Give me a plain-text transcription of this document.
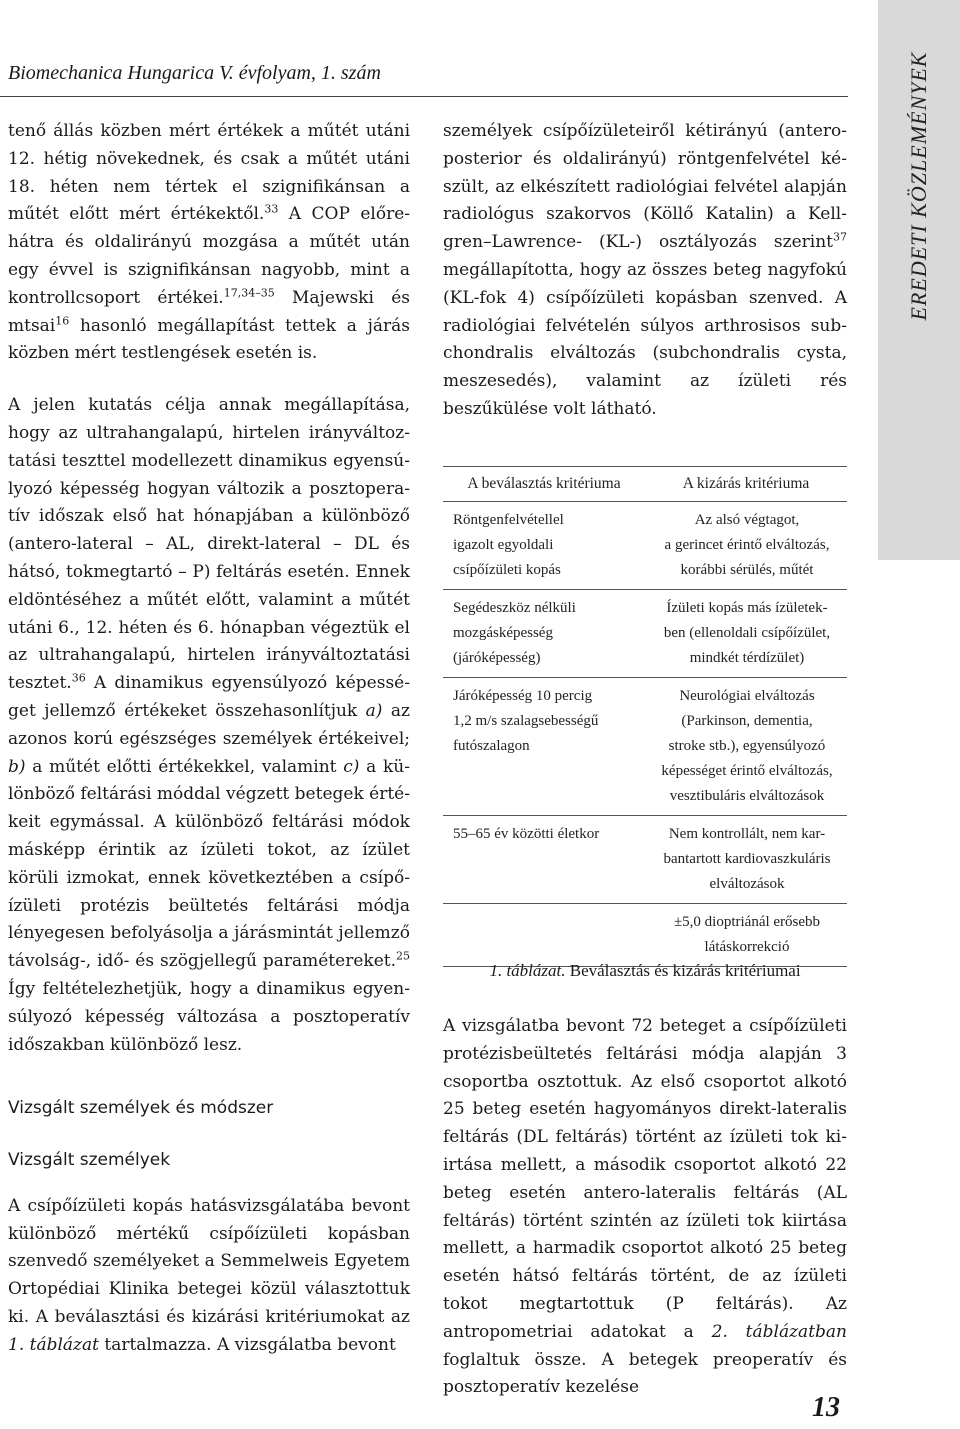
Biomechanica Hungarica V. évfolyam, 1. szám	EREDETI KÖZLEMÉNYEK

tenő állás közben mért értékek a műtét utáni 12. hétig növekednek, és csak a műtét utáni 18. héten nem tértek el szignifikánsan a műtét előtt mért értékektől.$^{33}$ A COP előre-hátra és oldalirányú mozgása a műtét után egy évvel is szignifikánsan nagyobb, mint a kontrollcsoport értékei.$^{17,34-35}$ Majewski és mtsai$^{16}$ hasonló megállapítást tettek a járás közben mért testlengések esetén is.

A jelen kutatás célja annak megállapítása, hogy az ultrahangalapú, hirtelen irányváltoztatási teszttel modellezett dinamikus egyensúlyozó képesség hogyan változik a posztoperatív időszak első hat hónapjában a különböző (antero-lateral – AL, direkt-lateral – DL és hátsó, tokmegtartó – P) feltárás esetén. Ennek eldöntéséhez a műtét előtt, valamint a műtét utáni 6., 12. héten és 6. hónapban végeztük el az ultrahangalapú, hirtelen irányváltoztatási tesztet.$^{36}$ A dinamikus egyensúlyozó képességet jellemző értékeket összehasonlítjuk a) az azonos korú egészséges személyek értékeivel; b) a műtét előtti értékekkel, valamint c) a különböző feltárási móddal végzett betegek értékeit egymással. A különböző feltárási módok másképp érintik az ízületi tokot, az ízület körüli izmokat, ennek következtében a csípőízületi protézis beültetés feltárási módja lényegesen befolyásolja a járásmintát jellemző távolság-, idő- és szögjellegű paramétereket.$^{25}$ Így feltételezhetjük, hogy a dinamikus egyensúlyozó képesség változása a posztoperatív időszakban különböző lesz.

Vizsgált személyek és módszer
Vizsgált személyek

A csípőízületi kopás hatásvizsgálatába bevont különböző mértékű csípőízületi kopásban szenvedő személyeket a Semmelweis Egyetem Ortopédiai Klinika betegei közül választottuk ki. A beválasztási és kizárási kritériumokat az 1. táblázat tartalmazza. A vizsgálatba bevont

személyek csípőízületeiről kétirányú (anteroposterior és oldalirányú) röntgenfelvétel készült, az elkészített radiológiai felvétel alapján radiológus szakorvos (Köllő Katalin) a Kellgren–Lawrence- (KL-) osztályozás szerint$^{37}$ megállapította, hogy az összes beteg nagyfokú (KL-fok 4) csípőízületi kopásban szenved. A radiológiai felvételén súlyos arthrosisos subchondralis elváltozás (subchondralis cysta, meszesedés), valamint az ízületi rés beszűkülése volt látható.

A beválasztás kritériuma	A kizárás kritériuma

Röntgenfelvétellel
igazolt egyoldali
csípőízületi kopás	Az alsó végtagot,
a gerincet érintő elváltozás,
korábbi sérülés, műtét

Segédeszköz nélküli
mozgásképesség
(járóképesség)	Ízületi kopás más ízületek-
ben (ellenoldali csípőízület,
mindkét térdízület)

Járóképesség 10 percig
1,2 m/s szalagsebességű
futószalagon	Neurológiai elváltozás
(Parkinson, dementia,
stroke stb.), egyensúlyozó
képességet érintő elváltozás,
vesztibuláris elváltozások

55–65 év közötti életkor	Nem kontrollált, nem kar-
bantartott kardiovaszkuláris
elváltozások

	±5,0 dioptriánál erősebb
látáskorrekció
1. táblázat. Beválasztás és kizárás kritériumai

A vizsgálatba bevont 72 beteget a csípőízületi protézisbeültetés feltárási módja alapján 3 csoportba osztottuk. Az első csoportot alkotó 25 beteg esetén hagyományos direkt-lateralis feltárás (DL feltárás) történt az ízületi tok kiirtása mellett, a második csoportot alkotó 22 beteg esetén antero-lateralis feltárás (AL feltárás) történt szintén az ízületi tok kiirtása mellett, a harmadik csoportot alkotó 25 beteg esetén hátsó feltárás történt, de az ízületi tokot megtartottuk (P feltárás). Az antropometriai adatokat a 2. táblázatban foglaltuk össze. A betegek preoperatív és posztoperatív kezelése

13
